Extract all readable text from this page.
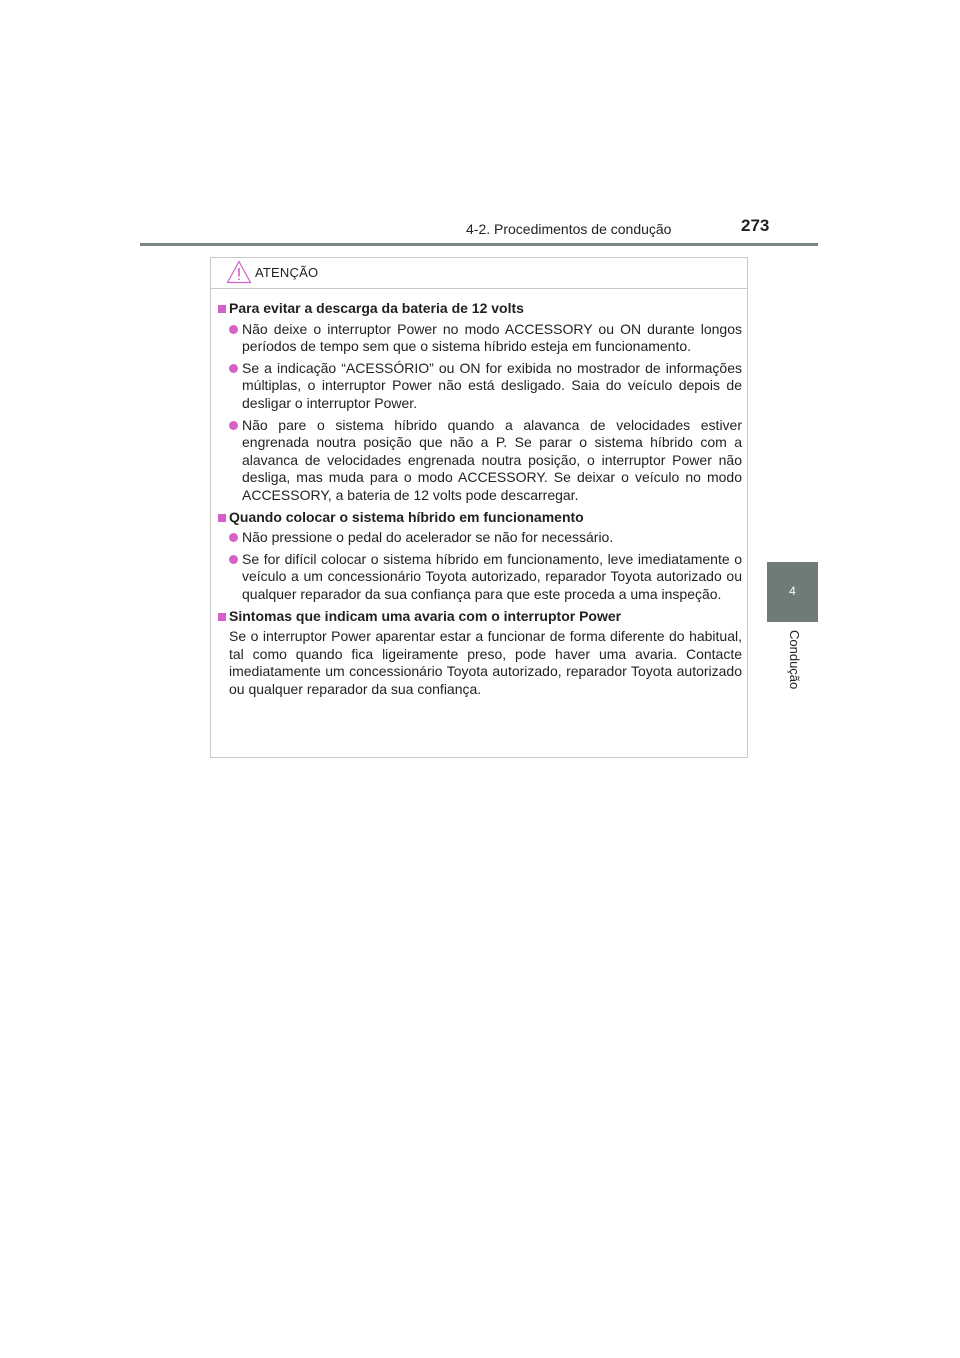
4-2. Procedimentos de condução	273
4
Condução
ATENÇÃO
Para evitar a descarga da bateria de 12 volts
Não deixe o interruptor Power no modo ACCESSORY ou ON durante longos períodos de tempo sem que o sistema híbrido esteja em funcionamento.
Se a indicação “ACESSÓRIO” ou ON for exibida no mostrador de informações múltiplas, o interruptor Power não está desligado. Saia do veículo depois de desligar o interruptor Power.
Não pare o sistema híbrido quando a alavanca de velocidades estiver engrenada noutra posição que não a P. Se parar o sistema híbrido com a alavanca de velocidades engrenada noutra posição, o interruptor Power não desliga, mas muda para o modo ACCESSORY. Se deixar o veículo no modo ACCESSORY, a bateria de 12 volts pode descarregar.
Quando colocar o sistema híbrido em funcionamento
Não pressione o pedal do acelerador se não for necessário.
Se for difícil colocar o sistema híbrido em funcionamento, leve imediatamente o veículo a um concessionário Toyota autorizado, reparador Toyota autorizado ou qualquer reparador da sua confiança para que este proceda a uma inspeção.
Sintomas que indicam uma avaria com o interruptor Power
Se o interruptor Power aparentar estar a funcionar de forma diferente do habitual, tal como quando fica ligeiramente preso, pode haver uma avaria. Contacte imediatamente um concessionário Toyota autorizado, reparador Toyota autorizado ou qualquer reparador da sua confiança.
